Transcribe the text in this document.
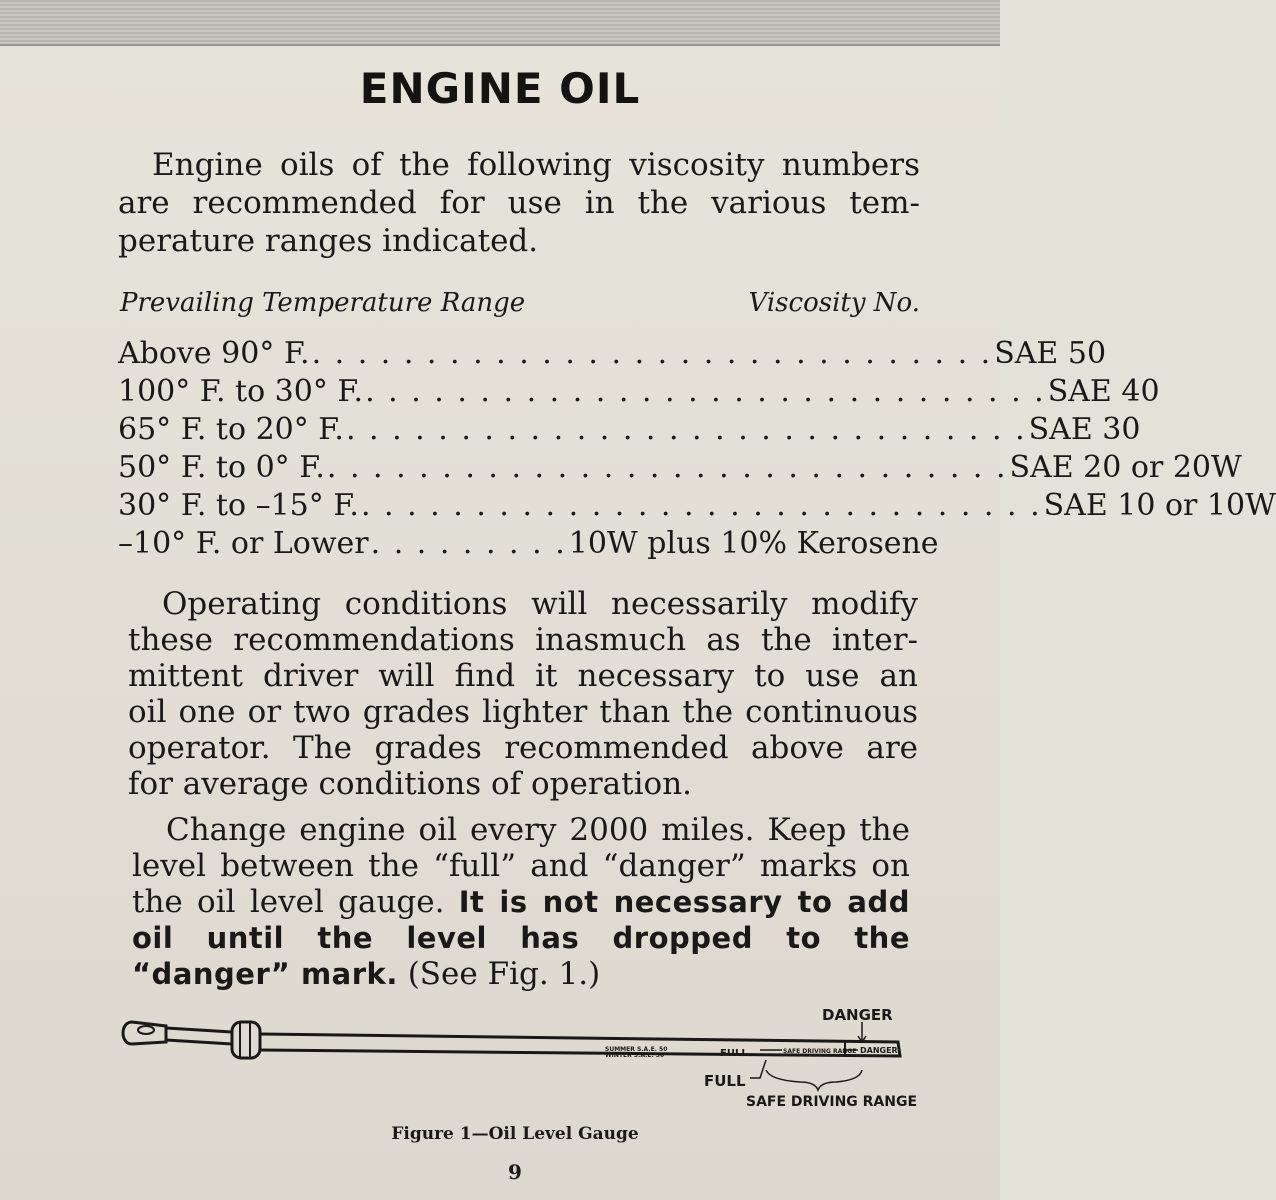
ENGINE OIL

Engine oils of the following viscosity numbers
are recommended for use in the various tem-
perature ranges indicated.

Prevailing Temperature Range	Viscosity No.
Above 90° F. . . . . . . . . . . . . . . . . . . . . . . . . . . . . . . SAE 50
100° F. to 30° F. . . . . . . . . . . . . . . . . . . . . . . . . . . . . . . SAE 40
65° F. to 20° F. . . . . . . . . . . . . . . . . . . . . . . . . . . . . . . SAE 30
50° F. to 0° F. . . . . . . . . . . . . . . . . . . . . . . . . . . . . . . SAE 20 or 20W
30° F. to –15° F. . . . . . . . . . . . . . . . . . . . . . . . . . . . . . . SAE 10 or 10W
–10° F. or Lower . . . . . . . . . 10W plus 10% Kerosene

Operating conditions will necessarily modify
these recommendations inasmuch as the inter-
mittent driver will find it necessary to use an
oil one or two grades lighter than the continuous
operator. The grades recommended above are
for average conditions of operation.

Change engine oil every 2000 miles. Keep the
level between the “full” and “danger” marks on
the oil level gauge. It is not necessary to add
oil until the level has dropped to the
“danger” mark. (See Fig. 1.)

SUMMER S.A.E. 50
WINTER S.A.E. 30	FULL	SAFE DRIVING RANGE DANGER
DANGER
FULL
SAFE DRIVING RANGE
Figure 1—Oil Level Gauge
9
